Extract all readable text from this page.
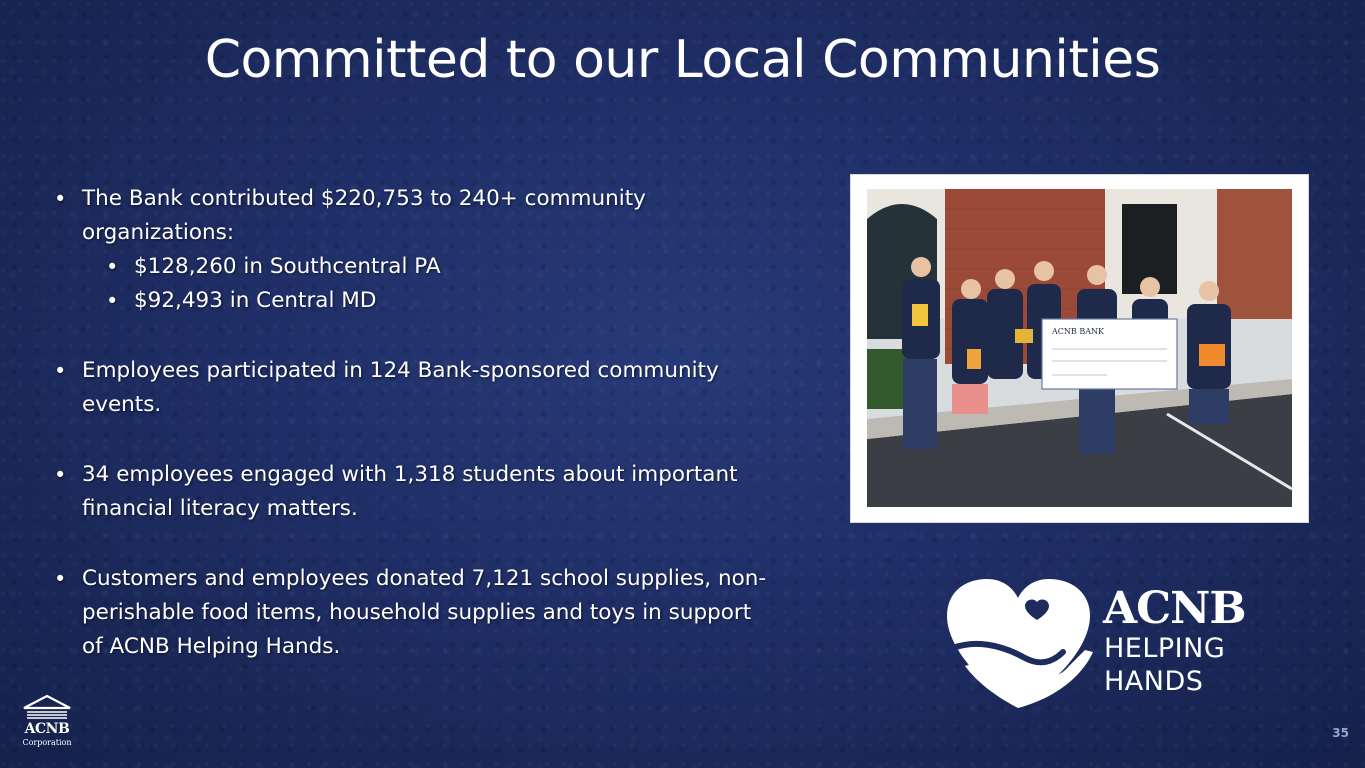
Committed to our Local Communities
• The Bank contributed $220,753 to 240+ community
organizations:
• $128,260 in Southcentral PA
• $92,493 in Central MD
• Employees participated in 124 Bank-sponsored community
events.
• 34 employees engaged with 1,318 students about important
financial literacy matters.
• Customers and employees donated 7,121 school supplies, non-
perishable food items, household supplies and toys in support
of ACNB Helping Hands.
ACNB BANK
ACNB
HELPING
HANDS
ACNB
Corporation
35
